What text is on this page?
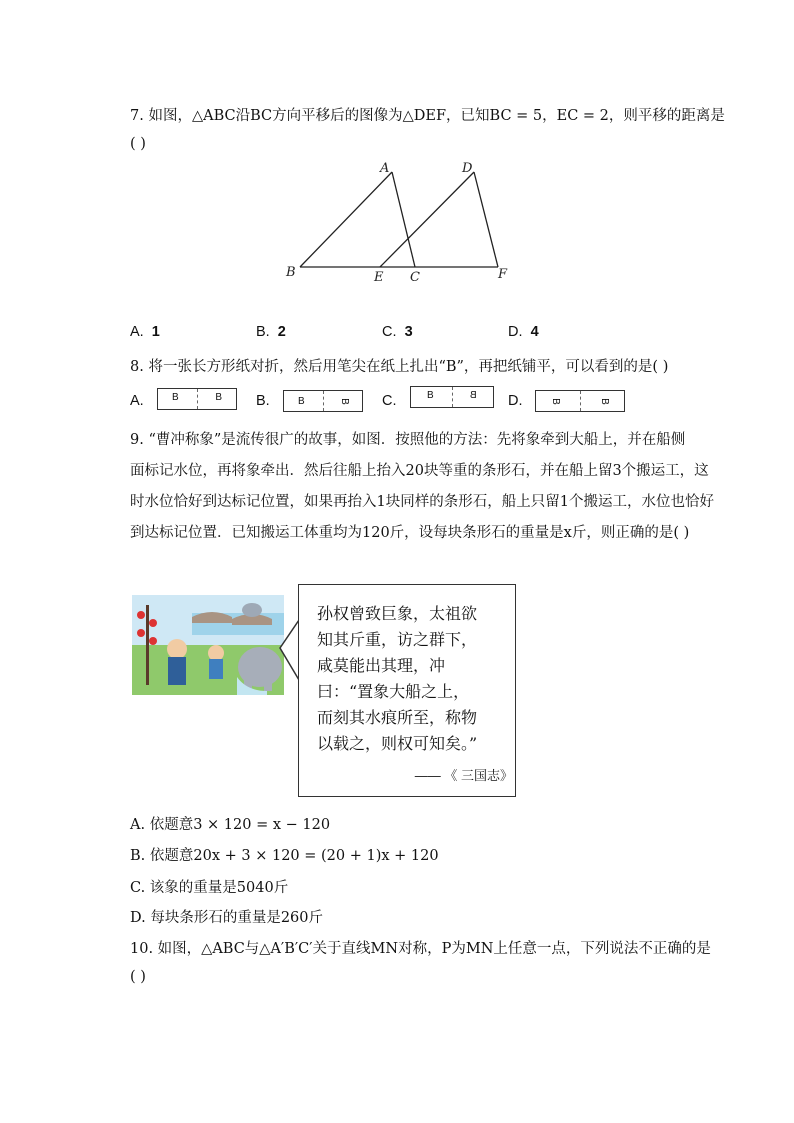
7. 如图，△ABC沿BC方向平移后的图像为△DEF，已知BC = 5，EC = 2，则平移的距离是
( )
A	D
B	E C	F
A. 1	B. 2	C. 3	D. 4
8. 将一张长方形纸对折，然后用笔尖在纸上扎出“B”，再把纸铺平，可以看到的是( )
A.	B	B B.	B	B C.	B	B D.	B	B
9. “曹冲称象”是流传很广的故事，如图．按照他的方法：先将象牵到大船上，并在船侧
面标记水位，再将象牵出．然后往船上抬入20块等重的条形石，并在船上留3个搬运工，这
时水位恰好到达标记位置，如果再抬入1块同样的条形石，船上只留1个搬运工，水位也恰好
到达标记位置．已知搬运工体重均为120斤，设每块条形石的重量是x斤，则正确的是( )
孙权曾致巨象，太祖欲
知其斤重，访之群下，
咸莫能出其理，冲
曰：“置象大船之上，
而刻其水痕所至，称物
以载之，则权可知矣。”
—— 《 三国志》
A. 依题意3 × 120 = x − 120
B. 依题意20x + 3 × 120 = (20 + 1)x + 120
C. 该象的重量是5040斤
D. 每块条形石的重量是260斤
10. 如图，△ABC与△A′B′C′关于直线MN对称，P为MN上任意一点，下列说法不正确的是
( )
